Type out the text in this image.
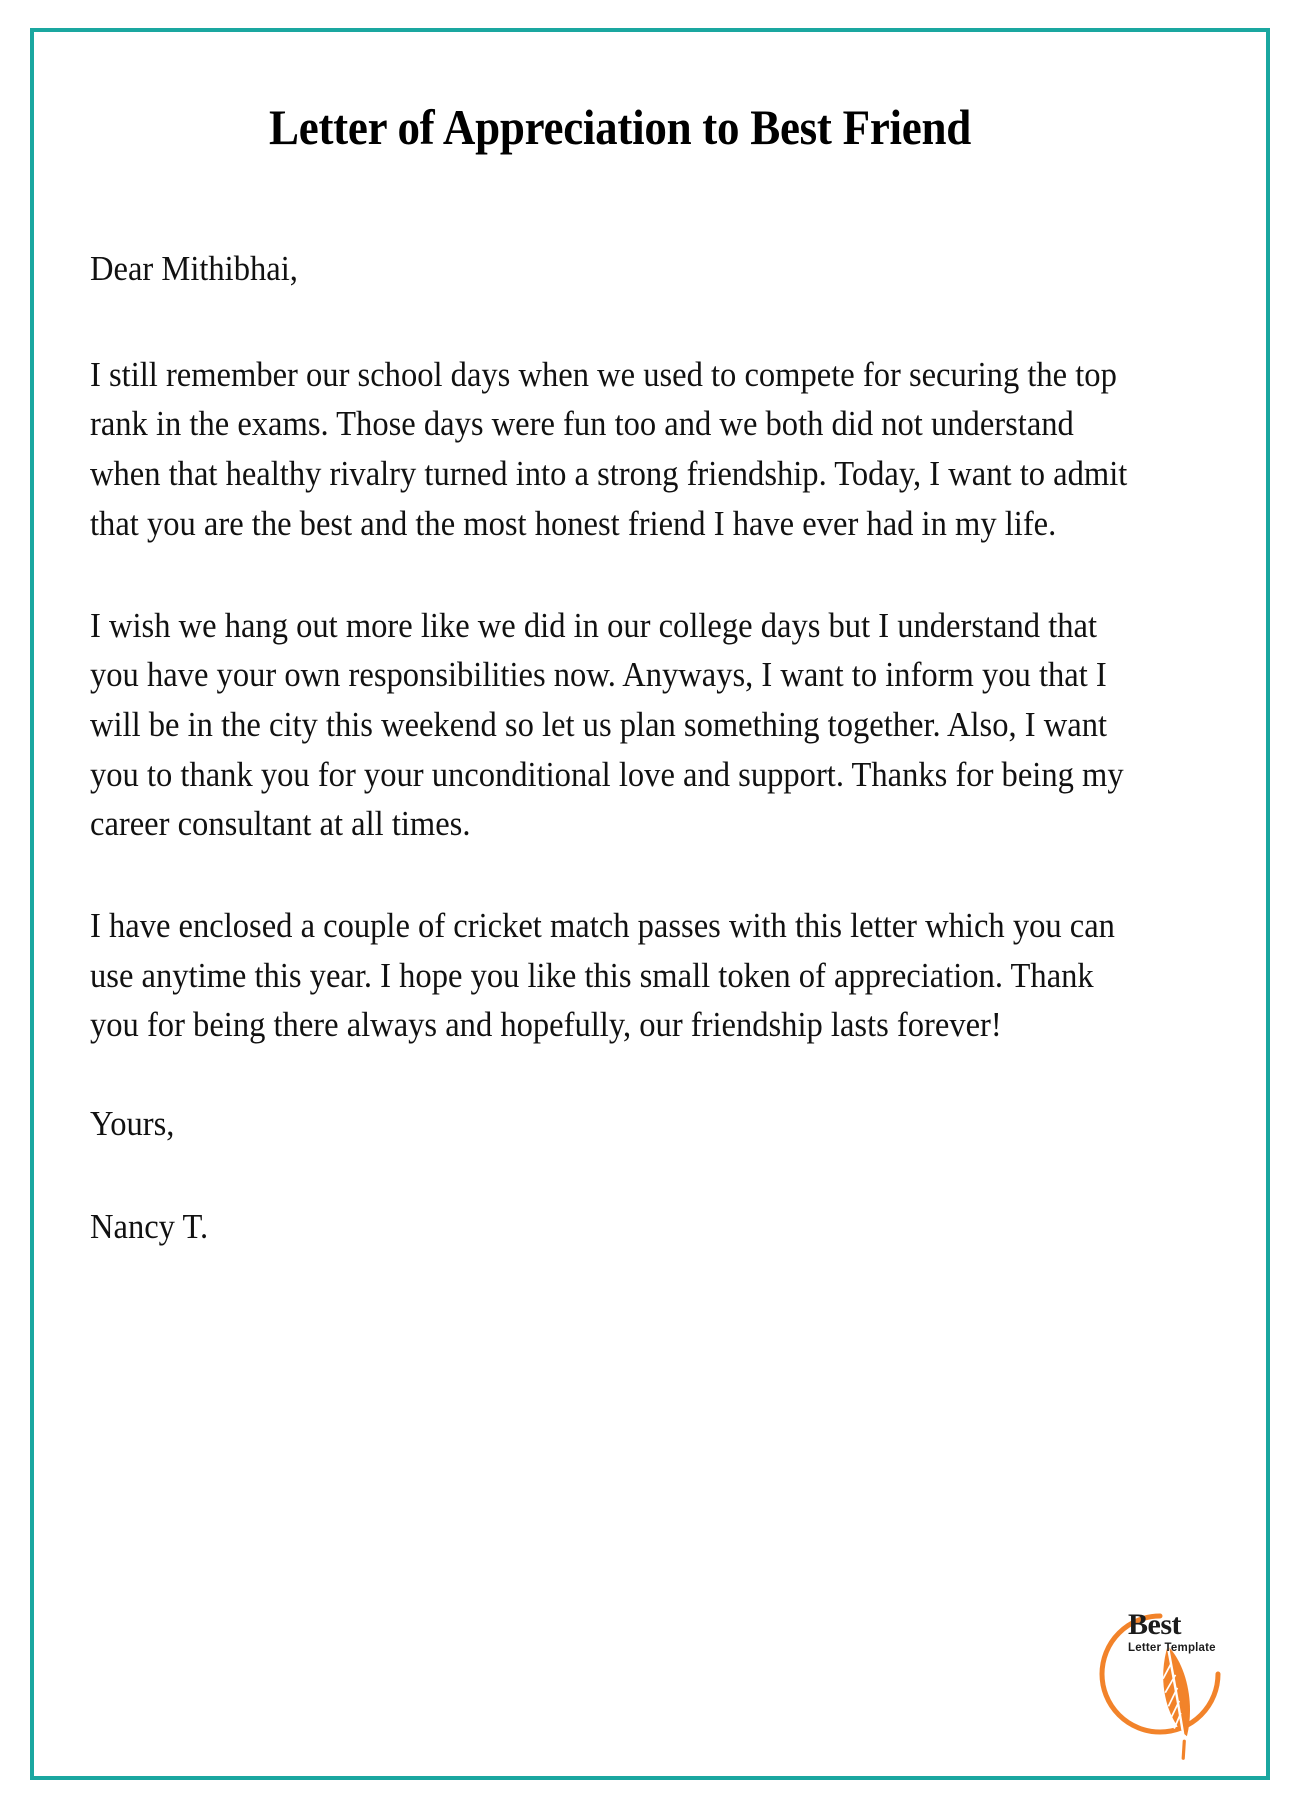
Letter of Appreciation to Best Friend

Dear Mithibhai,

I still remember our school days when we used to compete for securing the top rank in the exams. Those days were fun too and we both did not understand when that healthy rivalry turned into a strong friendship. Today, I want to admit that you are the best and the most honest friend I have ever had in my life.

I wish we hang out more like we did in our college days but I understand that you have your own responsibilities now. Anyways, I want to inform you that I will be in the city this weekend so let us plan something together. Also, I want you to thank you for your unconditional love and support. Thanks for being my career consultant at all times.

I have enclosed a couple of cricket match passes with this letter which you can use anytime this year. I hope you like this small token of appreciation. Thank you for being there always and hopefully, our friendship lasts forever!

Yours,

Nancy T.

Best
Letter Template
